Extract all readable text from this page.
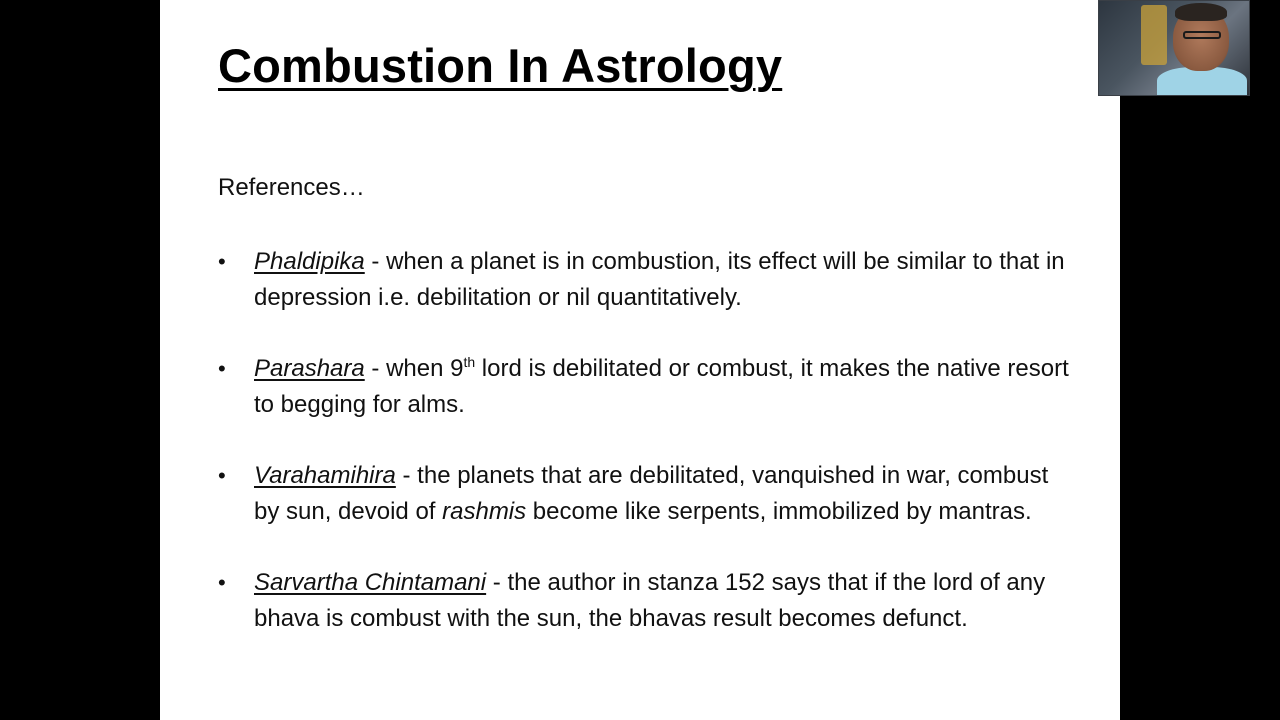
Combustion In Astrology
References…
• Phaldipika - when a planet is in combustion, its effect will be similar to that in depression i.e. debilitation or nil quantitatively.
• Parashara - when 9th lord is debilitated or combust, it makes the native resort to begging for alms.
• Varahamihira - the planets that are debilitated, vanquished in war, combust by sun, devoid of rashmis become like serpents, immobilized by mantras.
• Sarvartha Chintamani - the author in stanza 152 says that if the lord of any bhava is combust with the sun, the bhavas result becomes defunct.
